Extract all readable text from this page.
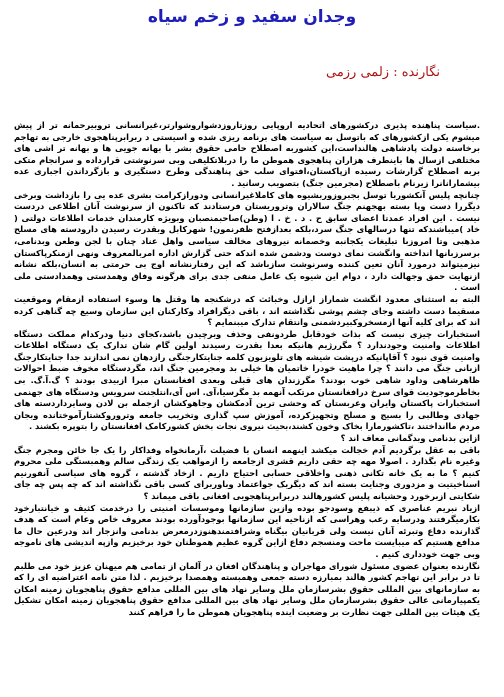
وجدان سفید و زخم سیاه
نگارنده : زلمی رزمی

.سیاست پناهنده پذیری درکشورهای اتحادیه اروپایی روزتاروزدشواروشوارتر،غیرانسانی تروبیرحمانه تر از پیش میشوم یکی ازکشورهای که باتوسل به سیاست های برنامه ریزی شده و اسیستی د ربرابرپناهجوی خارجی به تهاجم برخاسته دولت پادشاهی هالنداست،این کشوربه اصطلاح حامی حقوق بشر با بهانه جویی ها و بهانه تر اشی های مختلفی ازسال ها باینطرف هزاران پناهجوی هموطن ما را دربلاتکلیفی وبی سرنوشتی قرارداده و سرانجام متکی بربه اصطلاح گزارشات رسیده ازپاکستان،افتوای سلب حق پناهندگی وطرح دستگیری و بازگرداندن اجباری عده بیشمارانانرا زیرنام باصطلاح (مجرمین جنگ) بتصویب رسانید .

چنانچه پلیس آنکشوربا توسل بجبروزوربشیوه های کاملاغیرانسانی ودورازکرامت بشری عده یی را بازداشت وبرخی دیگررا دست وپا بسته بهجهنم جنگ سالاران وتروریستان فرستادند که تاکنون از سرنوشت آنان اطلاعی دردست نیست . این افراد عمدتا اعضای سابق ح . د . خ . ا (وطن)صاحبمنصبان وبویژه کارمندان خدمات اطلاعات دولتی ( خاد )میباشندکه تنها درسالهای جنگ سرد،بلکه بعدازفتح ظفرنمون! شهرکابل وبقدرت رسیدن دارودسته های مسلح مذهبی وتا امروزبا تبلیغات یکجانبه وخصمانه نیروهای مخالف سیاسی واهل عناد چنان با لجن وطعن وبدنامی، برسرزبانها انداخته وانگشت نمای دوست ودشمن شده اندکه حتی گزارش اداره امربالمعروف ونهی ازمنکرپاکستان نیزمیتواند درمورد آنان تعین کننده وسرنوشت سازباشد که این رفتارنشانه اوج بی حرمتی به انسان،بلکه نشانه ازنهایت حمق وجهالت دارد ، دوام این شیوه یک عامل منفی جدی برای هرگونه وفاق وهمدستی وهمدادستی ملی است .

البته به استثنای معدود انگشت شماراز ارازل وخبائث که درشکنجه ها وقتل ها وسوء استفاده ازمقام وموقعیت مسقیما دست داشته وجای چشم پوشی نگذاشته اند ، باقی دیگرافراد وکارکنان این سازمان وسیع چه گناهی کرده اند که برای کلیه آنها ازمسخروکبیردشمنی وانتقام تدارک میبنمایم ؟

استخبارات چیزی نیست که بذات خودقابل طردونفی وحذف وبرچیدن باشد،کجای دنیا ودرکدام مملکت دستگاه اطلاعات وامنیت وجودندارد ؟ مگررژیم هانیکه بعدا بقدرت رسیدند اولین گام شان تدارک یک دستگاه اطلاعات وامنیت قوی نبود ؟ آقاپانیکه درپشت شیشه های تلویزیون کلمه جنایتکارجنگی رازدهان نمی اندازند جدا جنایتکارجنگ ازبانی جنگ می دانند ؟ چرا ماهیت خودرا خاتمیان ها خیلی بد ومجرمین جنگ اند، مگردستگاه مخوف ضبط احوالات ظاهرشاهی وداود شاهی خوب بودند؟ مگرزندان های قبلی وبعدی افغانستان مبرا ازبیدی بودند ؟ گ.آ.گ. بی بخاطرموجودیت قوای سرخ درافغانستان مرتکب آنهمه بد مگرسیا،آی. اس آی،انتلجنت سرویس ودستگاه های جهنمی استخبارات پاکستان وایران وعربستان که وحشی ترین آدمکشان وجاهوکشان ازجمله بن لادن وسایرداردسته های جهادی وطالبی را بسیج و مسلح وتجهیزکرده، آموزش سپ گذاری وتخریب جامعه وتروروکشتارآموختانده وبجان مردم ماانداختند ،تاکشورمارا بخاک وخون کشند،بحیث نیروی نجات بخش کشورکامک افغانستان را بتوپره بکشند .

ازاین بدنامی وبدگمانی معاف اند ؟

باقی به عقل برگردیم آدم خجالت میکشد اینهمه انسان با فضیلت ،آرمانخواه وفداکار را یک جا خائن ومجرم جنگ وغیره نام بگذارد . اصولا مهه چه حقی داریم قشری ازجامعه را ازمواهب یک زندگی سالم وهمبستگی ملی محروم کنیم ؟ ما به یک خانه تکانی ذهنی واخلاقی حسابی احتیاج داریم . ازخاد گذشته ، گروه های سیاسی آنفورنیم اسناخیتیت و مزدوری وجنایت بسته اند که دیگریک جواعتماد وباوربرای کسی باقی نگذاشته اند که چه پس چه جای شکایتی ازبرخورد وحشیانه پلیس کشورهالند دربرابرپناهجویی افغانی باقی میماند ؟

ازیاد نبریم عناصری که ذیبفع وسودجو بوده وازین سازمانها وموسسات امنیتی را درخدمت کثیف و خیانتبارخود بکارمیگرفتند ودرسایه رعب وهراسی که ازناحیه این سازمانها بوجودآورده بودند معروف خاص وعام است که هدف گذارنده دفاع وتبرئه آنان نیست ولی قربانیان بیگناه وشرافتمندهنوزدرمعرض بدنامی وانزجار اند ودرعین حال ما مدافع هستیم که میبایست ماحت ومنسجم دفاع ازاین گروه عظیم هموطنان خود برخیزیم وازپه اندیشی های ناموجه وبی جهت خودداری کنیم .

نگارنده بعنوان عضوی مسئول شورای مهاجران و پناهندگان افغان در آلمان از تمامی هم میهنان عزیز خود می طلبم تا در برابر این تهاجم کشور هالند بمبارزه دسته جمعی وهمبسته وهمصدا برخیزیم . لذا متن نامه اعتراضیه ای را که به سازمانهای بین المللی حقوق بشرسازمان ملل وسایر نهاد های بین المللی مدافع حقوق پناهجویان زمینه امکان یکمپیارمانی عالی حقوق بشرسازمان ملل وسایر نهاد های بین المللی مدافع حقوق پناهجویان زمینه امکان تشکیل یک هیئات بین المللی جهت نظارت بر وضعیت اینده پناهجویان هموطن ما را فراهم کنند
